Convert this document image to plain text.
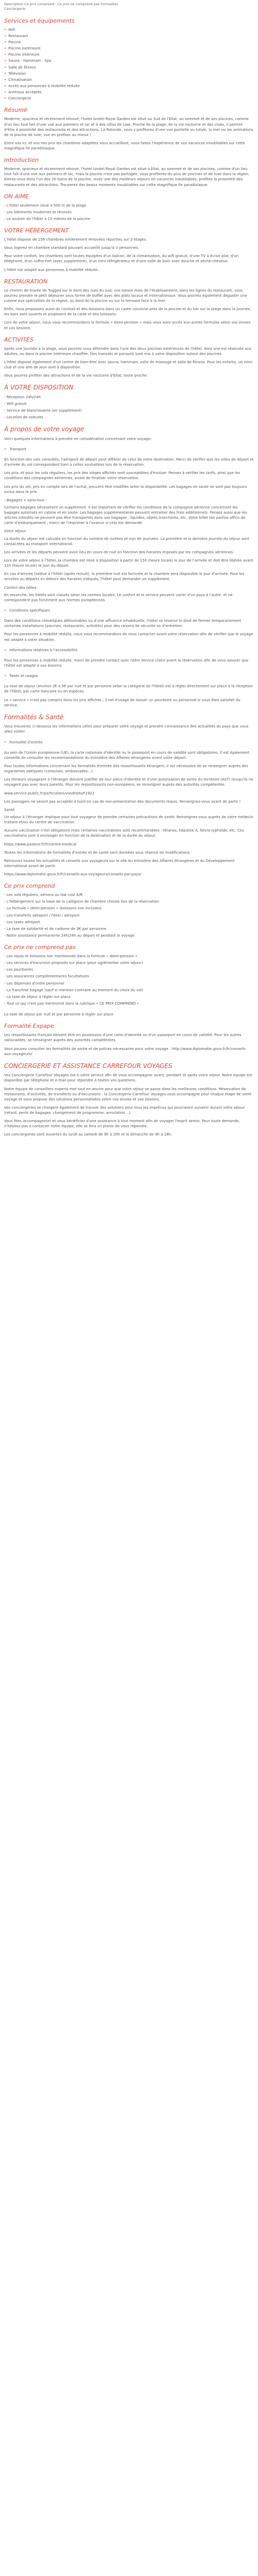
Description Ce prix comprend : Ce prix ne comprend pas Formalités
Conciergerie

Services et équipements
• Wifi
• Restaurant
• Piscine
• Piscine extérieure
• Piscine intérieure
• Sauna - Hammam - Spa
• Salle de fitness
• Télévision
• Climatisation
• Accès aux personnes à mobilité réduite
• Animaux acceptés
• Conciergerie
Résumé

Moderne, spacieux et récemment rénové, l'hotel Isrotel Royal Garden est situé au Sud de l'Eilat, au sommet et de ses piscines, comme d'un lieu tout fait d'une vue aux palmiers et lac et à des villas de luxe. Proche de la plage, de la vie nocturne et des clubs, il permet d'être à proximité des restaurants et des attractions. La Rotonde, vous y profiterez d'une vue partielle ou totale, la mer ou les animations de la piscine de luxe, vue en profitez au mieux !

Entre vos ici, et vos mis prix les chambres adaptées vous accueillant, vous faites l'expérience de vos vacances inoubliables sur cette magnifique île paradisiaque.

Introduction

Moderne, spacieux et récemment rénové, l'hotel Isrotel Royal Garden est situé à Eilat, au sommet et de ses piscines, comme d'un lieu tout fait d'une vue aux palmiers et lac, mais la piscine n'est pas partagée, vous profiterez du plus de piscines et de luxe dans la région. Entrez-vous dans l'un des 20 bains de la piscine, vivez une des meilleurs séjours en vacances inoubliables, profitez la proximité des restaurants et des attractions. Trouverez des beaux moments inoubliables sur cette magnifique île paradisiaque.

ON AIME

- L'hôtel seulement situé à 500 m de la plage

- Les bâtiments modernes et rénovés

- Le soutien de l'hôtel à 15 mètres de la piscine

VOTRE HÉBERGEMENT

L'hôtel dispose de 156 chambres entièrement rénovées réparties sur 3 étages.

Vous logerez en chambre standard pouvant accueillir jusqu'à 3 personnes.

Pour votre confort, les chambres sont toutes équipées d'un balcon, de la climatisation, du wifi gratuit, d'une TV à écran plat, d'un téléphone, d'un coffre-fort (avec supplément), d'un mini-réfrigérateur et d'une salle de bain avec douche et sèche-cheveux.

L'hôtel est adapté aux personnes à mobilité réduite.

RESTAURATION

Le chemin de marée de Tugged sur le bord des rues du sud, une bonne mais de l'établissement, dans les lignes du restaurant, vous pourrez prendre le petit déjeuner sous forme de buffet avec des plats locaux et internationaux. Vous pourrez également déguster une cuisine aux spécialités de la région, au bord de la piscine ou sur la terrasse face à la mer.

Enfin, nous proposons aussi du cocktail et des boissons dans un cadre convivial près de la piscine et du bar sur la plage dans la journée, les bars sont ouverts et proposent de la carte et des boissons.

Lors de votre séjour, nous vous recommandons la formule « demi-pension » mais vous avez accès aux autres formules selon vos envies et vos besoins.

ACTIVITÉS

Après une journée à la plage, vous pourrez vous détendre dans l'une des deux piscines extérieures de l'hôtel, dont une est réservée aux adultes, ou dans la piscine intérieure chauffée. Des transats et parasols sont mis à votre disposition autour des piscines.

L'hôtel dispose également d'un centre de bien-être avec sauna, hammam, salle de massage et salle de fitness. Pour les enfants, un mini-club et une aire de jeux sont à disposition.

Vous pourrez profiter des attractions et de la vie nocturne d'Eilat, toute proche.

À VOTRE DISPOSITION

- Réception 24h/24h

- Wifi gratuit

- Service de blanchisserie (en supplément)

- Location de voitures

À propos de votre voyage

Voici quelques informations à prendre en considération concernant votre voyage.

• Transport

En fonction des vols consultés, l'aéroport de départ peut différer de celui de votre destination. Merci de vérifier que les villes de départ et d'arrivée du vol correspondent bien à celles souhaitées lors de la réservation.

Les prix, et pour les vols réguliers, les prix des sièges affichés sont susceptibles d'évoluer. Pensez à vérifier les tarifs, ainsi que les conditions des compagnies aériennes, avant de finaliser votre réservation.

Les prix du vol, pris en compte lors de l'achat, peuvent être modifiés selon la disponibilité. Les bagages en soute ne sont pas toujours inclus dans le prix.

- Bagages + episcious -

Certains bagages nécessitent un supplément. Il est important de vérifier les conditions de la compagnie aérienne concernant les bagages autorisés en cabine et en soute. Les bagages supplémentaires peuvent entraîner des frais additionnels. Pensez aussi que les articles interdits ne peuvent pas être transportés dans vos bagages : liquides, objets tranchants, etc. Votre billet fait parfois office de carte d'embarquement ; merci de l'imprimer à l'avance si cela est demandé.

Votre séjour

La durée du séjour est calculée en fonction du nombre de nuitées et non de journées. La première et la dernière journée du séjour sont consacrées au transport international.

Les arrivées et les départs peuvent avoir lieu en cours de nuit en fonction des horaires imposés par les compagnies aériennes.

Lors de votre séjour à l'hôtel, la chambre est mise à disposition à partir de 15h (heure locale) le jour de l'arrivée et doit être libérée avant 11h (heure locale) le jour du départ.

En cas d'arrivée tardive à l'hôtel (après minuit), la première nuit est facturée et la chambre sera disponible le jour d'arrivée. Pour les arrivées ou départs en dehors des horaires indiqués, l'hôtel peut demander un supplément.

Confort des hôtes

En revanche, les hôtels sont classés selon les normes locales. Le confort et le service peuvent varier d'un pays à l'autre, et ne correspondent pas forcément aux normes européennes.

• Conditions spécifiques

Dans des conditions climatiques défavorables ou d'une affluence inhabituelle, l'hôtel se réserve le droit de fermer temporairement certaines installations (piscines, restaurants, activités) pour des raisons de sécurité ou d'entretien.

Pour les personnes à mobilité réduite, nous vous recommandons de nous contacter avant votre réservation afin de vérifier que le voyage est adapté à votre situation.

• Informations relatives à l'accessibilité

Pour les personnes à mobilité réduite, merci de prendre contact avec notre service client avant la réservation afin de vous assurer que l'hôtel est adapté à vos besoins.

• Taxes et usages

La taxe de séjour (environ 2€ à 5€ par nuit et par personne selon la catégorie de l'hôtel) est à régler directement sur place à la réception de l'hôtel, par carte bancaire ou en espèces.

Le « service » n'est pas compris dans les prix affichés ; il est d'usage de laisser un pourboire au personnel si vous êtes satisfait du service.

Formalités & Santé

Vous trouverez ci-dessous les informations utiles pour préparer votre voyage et prendre connaissance des actualités du pays que vous allez visiter.

• Formalité d'entrée

Au sein de l'Union européenne (UE), la carte nationale d'identité ou le passeport en cours de validité sont obligatoires. Il est également conseillé de consulter les recommandations du ministère des Affaires étrangères avant votre départ.

Pour toutes informations concernant les formalités d'entrée des ressortissants étrangers, il est nécessaire de se renseigner auprès des organismes adéquats (consulats, ambassades…).

Les mineurs voyageant à l'étranger doivent justifier de leur pièce d'identité et d'une autorisation de sortie du territoire (AST) lorsqu'ils ne voyagent pas avec leurs parents. Pour les ressortissants non-européens, se renseigner auprès des autorités compétentes.

www.service-public.fr/particuliers/vosdroits/F1922

Les passagers ne seront pas acceptés à bord en cas de non-présentation des documents requis. Renseignez-vous avant de partir !

Santé

Un séjour à l'étranger implique pour tout voyageur de prendre certaines précautions de santé. Renseignez-vous auprès de votre médecin traitant et/ou du centre de vaccination.

Aucune vaccination n'est obligatoire mais certaines vaccinations sont recommandées : tétanos, hépatite A, fièvre typhoïde, etc. Ces vaccinations sont à envisager en fonction de la destination et de la durée du séjour.

https://www.pasteur.fr/fr/centre-medical

Toutes les informations de formalités d'entrée et de santé sont données sous réserve de modifications.

Retrouvez toutes les actualités et conseils aux voyageurs sur le site du ministère des Affaires étrangères et du Développement international avant de partir.

https://www.diplomatie.gouv.fr/fr/conseils-aux-voyageurs/conseils-par-pays/

Ce prix comprend

- Les vols réguliers, aériens ou low cost A/R

- L'hébergement sur la base de la catégorie de chambre choisie lors de la réservation

- La formule « demi-pension » (boissons non incluses)

- Les transferts aéroport / hôtel / aéroport

- Les taxes aéroport

- La taxe de solidarité et de carbone de 3€ par personne

- Notre assistance permanente 24h/24h au départ et pendant le voyage

Ce prix ne comprend pas

- Les repas et boissons non mentionnés dans la formule « demi-pension »

- Les services d'excursion proposés sur place (pour agrémenter votre séjour)

- Les pourboires

- Les assurances complémentaires facultatives

- Les dépenses d'ordre personnel

- La franchise bagage (sauf si mention contraire au moment du choix du vol)

- La taxe de séjour à régler sur place

- Tout ce qui n'est pas mentionné dans la rubrique « CE PRIX COMPREND »

La taxe de séjour par nuit et par personne à régler sur place

Formalité Expape

Les ressortissants français doivent être en possession d'une carte d'identité ou d'un passeport en cours de validité. Pour les autres nationalités, se renseigner auprès des autorités compétentes.

Vous pouvez consulter les formalités de sortie et de polices nécessaires pour votre voyage : http://www.diplomatie.gouv.fr/fr/conseils-aux-voyageurs/

CONCIERGERIE ET ASSISTANCE CARREFOUR VOYAGES

Vos Conciergerie Carrefour Voyages est à votre service afin de vous accompagner avant, pendant et après votre séjour. Notre équipe est disponible par téléphone et e-mail pour répondre à toutes vos questions.

Notre équipe de conseillers experts met tout en œuvre pour que votre séjour se passe dans les meilleures conditions. Réservation de restaurants, d'activités, de transferts ou d'excursions : la Conciergerie Carrefour Voyages vous accompagne pour chaque étape de votre voyage et vous propose des solutions personnalisées selon vos envies et vos besoins.

Vos conciergeries se chargent également de trouver des solutions pour tous les imprévus qui pourraient survenir durant votre séjour (retard, perte de bagages, changement de programme, annulation…).

Vous êtes accompagné(e) et vous bénéficiez d'une assistance à tout moment afin de voyager l'esprit serein. Pour toute demande, n'hésitez pas à contacter notre équipe, elle se fera un plaisir de vous répondre.

Les conciergeries sont ouvertes du lundi au samedi de 9h à 20h et le dimanche de 9h à 18h.
